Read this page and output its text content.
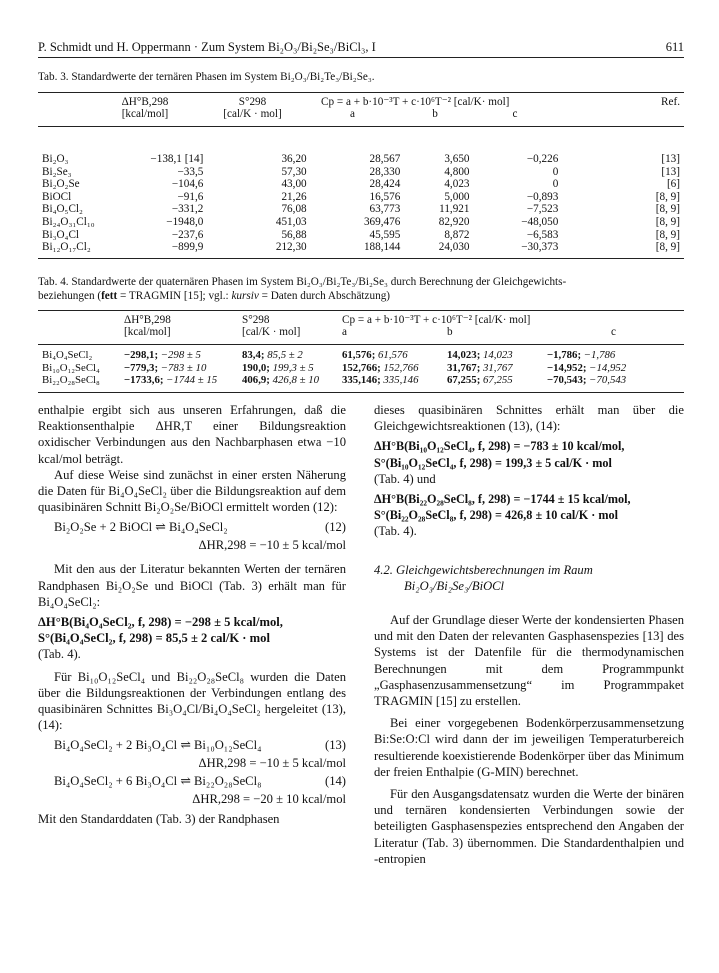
P. Schmidt und H. Oppermann · Zum System Bi₂O₃/Bi₂Se₃/BiCl₃, I	611
Tab. 3. Standardwerte der ternären Phasen im System Bi₂O₃/Bi₂Te₃/Bi₂Se₃.
	ΔH°B,298	S°298	Cp = a + b·10⁻³T + c·10⁶T⁻² [cal/K· mol]			Ref.
	[kcal/mol]	[cal/K · mol]	a	b	c	
Bi₂O₃	−138,1 [14]	36,20	28,567	3,650	−0,226	[13]
Bi₂Se₃	−33,5	57,30	28,330	4,800	0	[13]
Bi₂O₂Se	−104,6	43,00	28,424	4,023	0	[6]
BiOCl	−91,6	21,26	16,576	5,000	−0,893	[8, 9]
Bi₄O₅Cl₂	−331,2	76,08	63,773	11,921	−7,523	[8, 9]
Bi₂₄O₃₁Cl₁₀	−1948,0	451,03	369,476	82,920	−48,050	[8, 9]
Bi₃O₄Cl	−237,6	56,88	45,595	8,872	−6,583	[8, 9]
Bi₁₂O₁₇Cl₂	−899,9	212,30	188,144	24,030	−30,373	[8, 9]
Tab. 4. Standardwerte der quaternären Phasen im System Bi₂O₃/Bi₂Te₃/Bi₂Se₃ durch Berechnung der Gleichgewichts-
beziehungen (fett = TRAGMIN [15]; vgl.: kursiv = Daten durch Abschätzung)
	ΔH°B,298	S°298	Cp = a + b·10⁻³T + c·10⁶T⁻² [cal/K· mol]		
	[kcal/mol]	[cal/K · mol]	a	b	c
Bi₄O₄SeCl₂	−298,1; −298 ± 5	83,4; 85,5 ± 2	61,576; 61,576	14,023; 14,023	−1,786; −1,786
Bi₁₀O₁₂SeCl₄	−779,3; −783 ± 10	190,0; 199,3 ± 5	152,766; 152,766	31,767; 31,767	−14,952; −14,952
Bi₂₂O₂₈SeCl₈	−1733,6; −1744 ± 15	406,9; 426,8 ± 10	335,146; 335,146	67,255; 67,255	−70,543; −70,543

enthalpie ergibt sich aus unseren Erfahrungen, daß die Reaktionsenthalpie ΔHR,T einer Bildungsreaktion oxidischer Verbindungen aus den Nachbarphasen etwa −10 kcal/mol beträgt.

Auf diese Weise sind zunächst in einer ersten Näherung die Daten für Bi₄O₄SeCl₂ über die Bildungsreaktion auf dem quasibinären Schnitt Bi₂O₂Se/BiOCl ermittelt worden (12):

Bi₂O₂Se + 2 BiOCl ⇌ Bi₄O₄SeCl₂	(12)
ΔHR,298 = −10 ± 5 kcal/mol

Mit den aus der Literatur bekannten Werten der ternären Randphasen Bi₂O₂Se und BiOCl (Tab. 3) erhält man für Bi₄O₄SeCl₂:

ΔH°B(Bi₄O₄SeCl₂, f, 298) = −298 ± 5 kcal/mol,

S°(Bi₄O₄SeCl₂, f, 298) = 85,5 ± 2 cal/K · mol

(Tab. 4).

Für Bi₁₀O₁₂SeCl₄ und Bi₂₂O₂₈SeCl₈ wurden die Daten über die Bildungsreaktionen der Verbindungen entlang des quasibinären Schnittes Bi₃O₄Cl/Bi₄O₄SeCl₂ hergeleitet (13), (14):

Bi₄O₄SeCl₂ + 2 Bi₃O₄Cl ⇌ Bi₁₀O₁₂SeCl₄	(13)
ΔHR,298 = −10 ± 5 kcal/mol
Bi₄O₄SeCl₂ + 6 Bi₃O₄Cl ⇌ Bi₂₂O₂₈SeCl₈	(14)
ΔHR,298 = −20 ± 10 kcal/mol

Mit den Standarddaten (Tab. 3) der Randphasen

dieses quasibinären Schnittes erhält man über die Gleichgewichtsreaktionen (13), (14):

ΔH°B(Bi₁₀O₁₂SeCl₄, f, 298) = −783 ± 10 kcal/mol,

S°(Bi₁₀O₁₂SeCl₄, f, 298) = 199,3 ± 5 cal/K · mol

(Tab. 4) und

ΔH°B(Bi₂₂O₂₈SeCl₈, f, 298) = −1744 ± 15 kcal/mol,

S°(Bi₂₂O₂₈SeCl₈, f, 298) = 426,8 ± 10 cal/K · mol

(Tab. 4).

4.2. Gleichgewichtsberechnungen im Raum

Bi₂O₃/Bi₂Se₃/BiOCl

Auf der Grundlage dieser Werte der kondensierten Phasen und mit den Daten der relevanten Gasphasenspezies [13] des Systems ist der Datenfile für die thermodynamischen Berechnungen mit dem Programmpunkt „Gasphasenzusammensetzung“ im Programmpaket TRAGMIN [15] zu erstellen.

Bei einer vorgegebenen Bodenkörperzusammensetzung Bi:Se:O:Cl wird dann der im jeweiligen Temperaturbereich resultierende koexistierende Bodenkörper über das Minimum der freien Enthalpie (G-MIN) berechnet.

Für den Ausgangsdatensatz wurden die Werte der binären und ternären kondensierten Verbindungen sowie der beteiligten Gasphasenspezies entsprechend den Angaben der Literatur (Tab. 3) übernommen. Die Standardenthalpien und -entropien
